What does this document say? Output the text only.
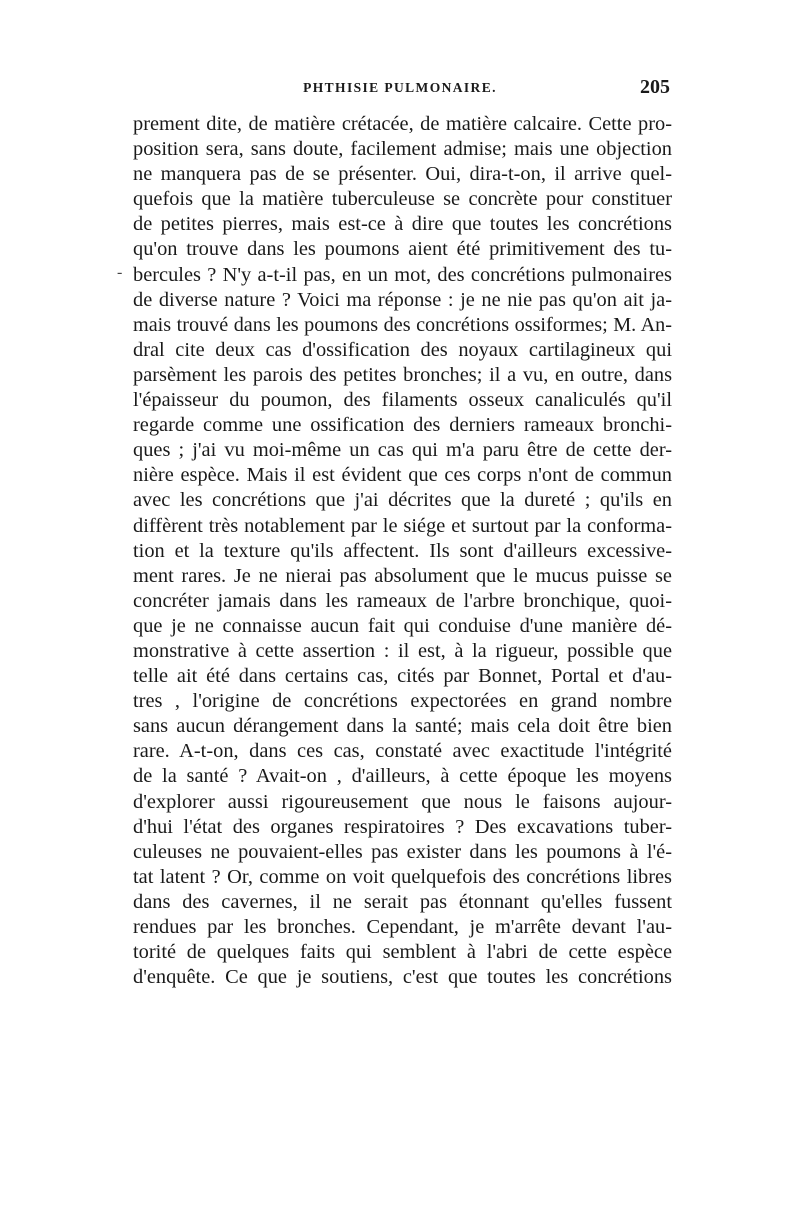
PHTHISIE PULMONAIRE.	205
-
prement dite, de matière crétacée, de matière calcaire. Cette pro-
position sera, sans doute, facilement admise; mais une objection
ne manquera pas de se présenter. Oui, dira-t-on, il arrive quel-
quefois que la matière tuberculeuse se concrète pour constituer
de petites pierres, mais est-ce à dire que toutes les concrétions
qu'on trouve dans les poumons aient été primitivement des tu-
bercules ? N'y a-t-il pas, en un mot, des concrétions pulmonaires
de diverse nature ? Voici ma réponse : je ne nie pas qu'on ait ja-
mais trouvé dans les poumons des concrétions ossiformes; M. An-
dral cite deux cas d'ossification des noyaux cartilagineux qui
parsèment les parois des petites bronches; il a vu, en outre, dans
l'épaisseur du poumon, des filaments osseux canaliculés qu'il
regarde comme une ossification des derniers rameaux bronchi-
ques ; j'ai vu moi-même un cas qui m'a paru être de cette der-
nière espèce. Mais il est évident que ces corps n'ont de commun
avec les concrétions que j'ai décrites que la dureté ; qu'ils en
diffèrent très notablement par le siége et surtout par la conforma-
tion et la texture qu'ils affectent. Ils sont d'ailleurs excessive-
ment rares. Je ne nierai pas absolument que le mucus puisse se
concréter jamais dans les rameaux de l'arbre bronchique, quoi-
que je ne connaisse aucun fait qui conduise d'une manière dé-
monstrative à cette assertion : il est, à la rigueur, possible que
telle ait été dans certains cas, cités par Bonnet, Portal et d'au-
tres , l'origine de concrétions expectorées en grand nombre
sans aucun dérangement dans la santé; mais cela doit être bien
rare. A-t-on, dans ces cas, constaté avec exactitude l'intégrité
de la santé ? Avait-on , d'ailleurs, à cette époque les moyens
d'explorer aussi rigoureusement que nous le faisons aujour-
d'hui l'état des organes respiratoires ? Des excavations tuber-
culeuses ne pouvaient-elles pas exister dans les poumons à l'é-
tat latent ? Or, comme on voit quelquefois des concrétions libres
dans des cavernes, il ne serait pas étonnant qu'elles fussent
rendues par les bronches. Cependant, je m'arrête devant l'au-
torité de quelques faits qui semblent à l'abri de cette espèce
d'enquête. Ce que je soutiens, c'est que toutes les concrétions
